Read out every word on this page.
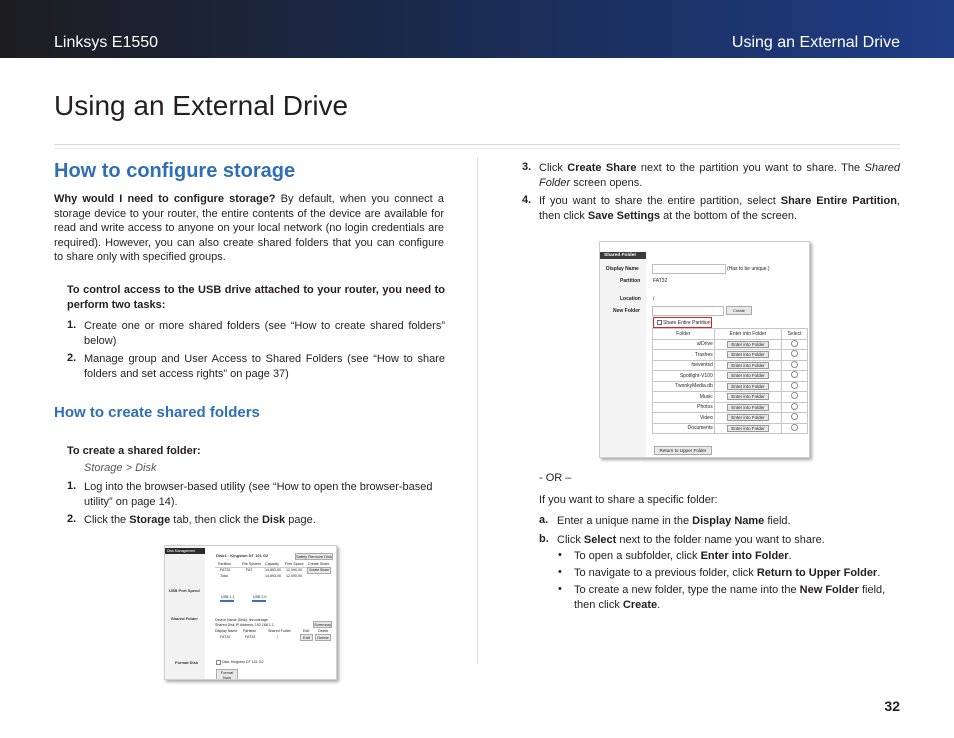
Linksys E1550	Using an External Drive
Using an External Drive
How to configure storage
Why would I need to configure storage? By default, when you connect a storage device to your router, the entire contents of the device are available for read and write access to anyone on your local network (no login credentials are required). However, you can also create shared folders that you can configure to share only with specified groups.
To control access to the USB drive attached to your router, you need to perform two tasks:
1. Create one or more shared folders (see “How to create shared folders” below)
2. Manage group and User Access to Shared Folders (see “How to share folders and set access rights” on page 37)
How to create shared folders
To create a shared folder:
Storage > Disk
1. Log into the browser-based utility (see “How to open the browser-based utility” on page 14).
2. Click the Storage tab, then click the Disk page.
Disk Management
Disk1 : Kingston DT 101 G2	Safely Remove Disk
Partition	File System Capacity Free Space Create Share
FAT32	FAT	14,893.00 12,090.00	Create Share
Total	14,893.00 12,090.00
USB Port Speed
USB 1.1	USB 2.0
Shared Folder	Device Name (Disk): linrouterage
Shared Disk IP Address: 192.168.1.1	Summary
Display Name Partition	Shared Folder	Edit Delete
FAT32	FAT32	/	Edit	Delete
Format Disk	Disk: Kingston DT 101 G2
Format Now
3. Click Create Share next to the partition you want to share. The Shared Folder screen opens.
4. If you want to share the entire partition, select Share Entire Partition, then click Save Settings at the bottom of the screen.
Shared Folder
Display Name	(Has to be unique.)
Partition	FAT32
Location /
New Folder	Create
Share Entire Partition
Folder	Enter into Folder	Select
a/Drive	Enter into Folder	
Trashes	Enter into Folder	
fseventsd	Enter into Folder	
Spotlight-V100	Enter into Folder	
TwonkyMedia.db	Enter into Folder	
Music	Enter into Folder	
Photos	Enter into Folder	
Video	Enter into Folder	
Documents	Enter into Folder	
Return to Upper Folder
- OR –
If you want to share a specific folder:
a. Enter a unique name in the Display Name field.
b. Click Select next to the folder name you want to share.
• To open a subfolder, click Enter into Folder.
• To navigate to a previous folder, click Return to Upper Folder.
• To create a new folder, type the name into the New Folder field, then click Create.
32
